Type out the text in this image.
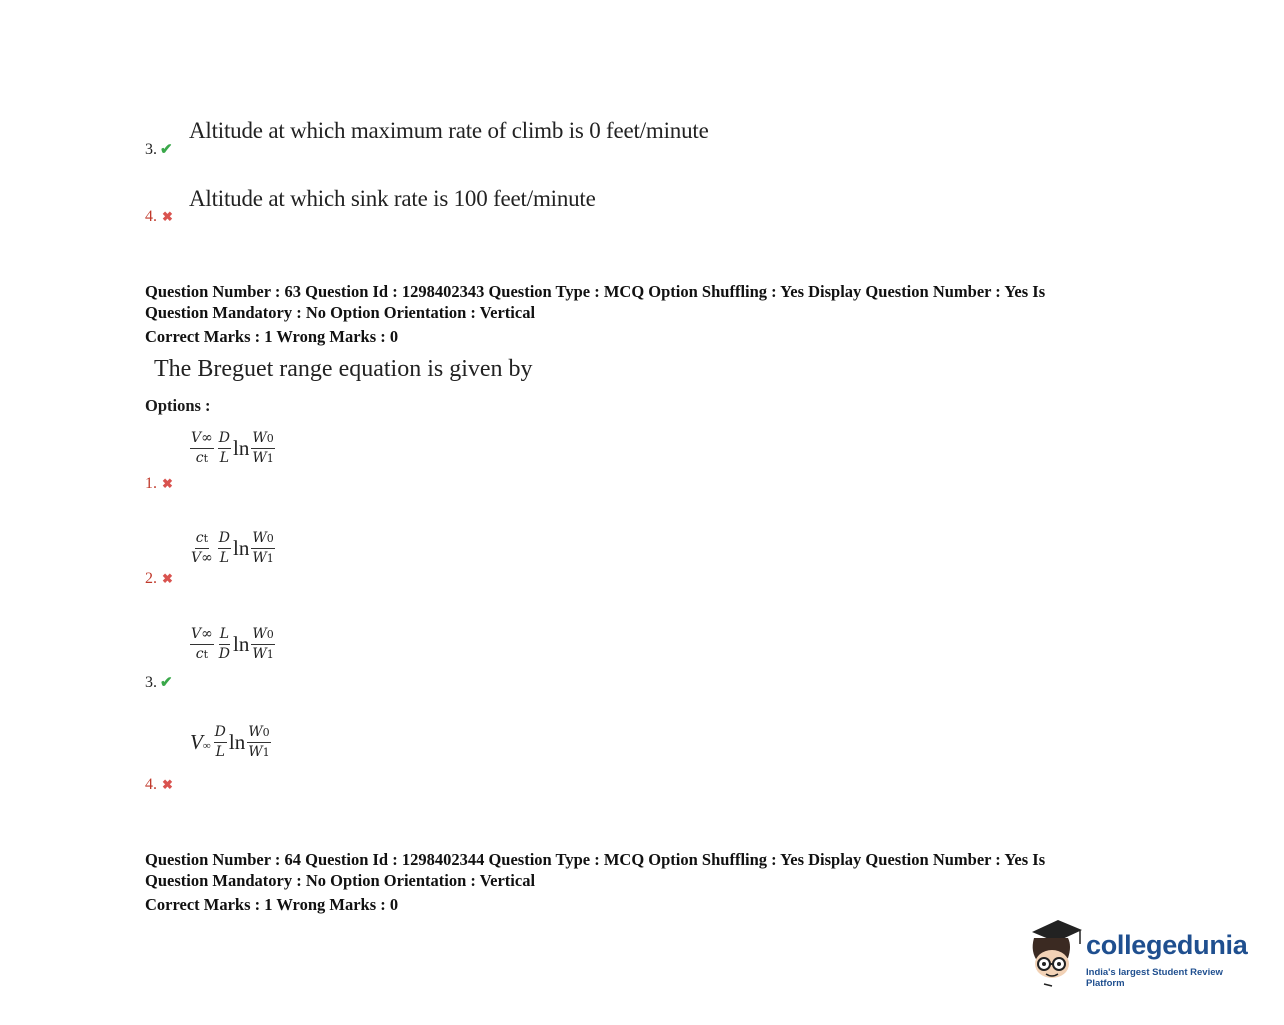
Altitude at which maximum rate of climb is 0 feet/minute
3. ✔
Altitude at which sink rate is 100 feet/minute
4. ✖
Question Number : 63 Question Id : 1298402343 Question Type : MCQ Option Shuffling : Yes Display Question Number : Yes Is
Question Mandatory : No Option Orientation : Vertical
Correct Marks : 1 Wrong Marks : 0
The Breguet range equation is given by
Options :
$\frac{V\infty}{ct} \frac{D}{L}$ $\ln \frac{W0}{W1}$
1. ✖
$\frac{ct}{V\infty} \frac{D}{L}$ $\ln \frac{W0}{W1}$
2. ✖
$\frac{V\infty}{ct} \frac{L}{D}$ $\ln \frac{W0}{W1}$
3. ✔
$V\infty \frac{D}{L}$ $\ln \frac{W0}{W1}$
4. ✖
Question Number : 64 Question Id : 1298402344 Question Type : MCQ Option Shuffling : Yes Display Question Number : Yes Is
Question Mandatory : No Option Orientation : Vertical
Correct Marks : 1 Wrong Marks : 0
collegedunia
India's largest Student Review Platform
